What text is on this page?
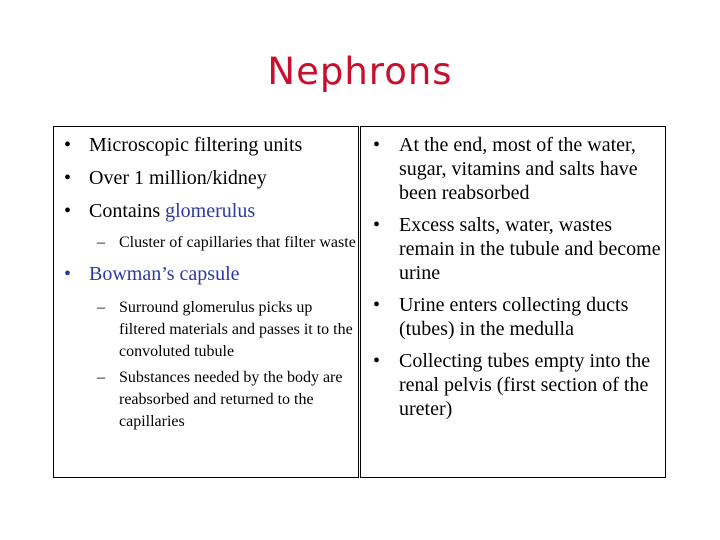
Nephrons
• Microscopic filtering units
• Over 1 million/kidney
• Contains glomerulus
– Cluster of capillaries that filter waste
• Bowman’s capsule
– Surround glomerulus picks up filtered materials and passes it to the convoluted tubule
– Substances needed by the body are reabsorbed and returned to the capillaries
• At the end, most of the water, sugar, vitamins and salts have been reabsorbed
• Excess salts, water, wastes remain in the tubule and become urine
• Urine enters collecting ducts (tubes) in the medulla
• Collecting tubes empty into the renal pelvis (first section of the ureter)
